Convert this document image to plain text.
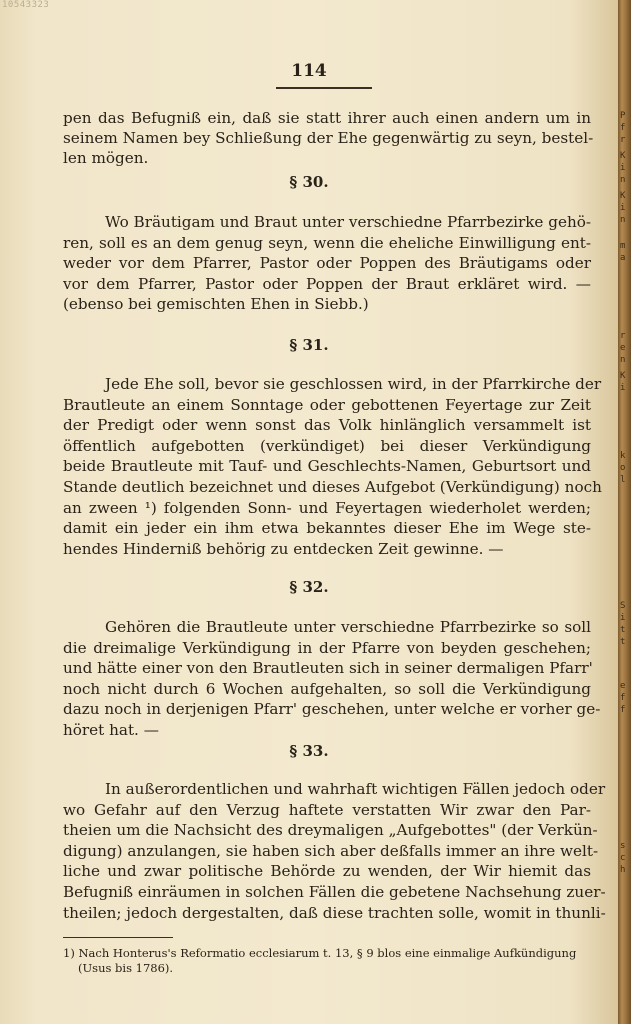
10543323
114
pen das Befugniß ein, daß sie statt ihrer auch einen andern um in
seinem Namen bey Schließung der Ehe gegenwärtig zu seyn, bestel-
len mögen.
§ 30.
Wo Bräutigam und Braut unter verschiedne Pfarrbezirke gehö-
ren, soll es an dem genug seyn, wenn die eheliche Einwilligung ent-
weder vor dem Pfarrer, Pastor oder Poppen des Bräutigams oder
vor dem Pfarrer, Pastor oder Poppen der Braut erkläret wird. —
(ebenso bei gemischten Ehen in Siebb.)
§ 31.
Jede Ehe soll, bevor sie geschlossen wird, in der Pfarrkirche der
Brautleute an einem Sonntage oder gebottenen Feyertage zur Zeit
der Predigt oder wenn sonst das Volk hinlänglich versammelt ist
öffentlich aufgebotten (verkündiget) bei dieser Verkündigung
beide Brautleute mit Tauf- und Geschlechts-Namen, Geburtsort und
Stande deutlich bezeichnet und dieses Aufgebot (Verkündigung) noch
an zween ¹) folgenden Sonn- und Feyertagen wiederholet werden;
damit ein jeder ein ihm etwa bekanntes dieser Ehe im Wege ste-
hendes Hinderniß behörig zu entdecken Zeit gewinne. —
§ 32.
Gehören die Brautleute unter verschiedne Pfarrbezirke so soll
die dreimalige Verkündigung in der Pfarre von beyden geschehen;
und hätte einer von den Brautleuten sich in seiner dermaligen Pfarr'
noch nicht durch 6 Wochen aufgehalten, so soll die Verkündigung
dazu noch in derjenigen Pfarr' geschehen, unter welche er vorher ge-
höret hat. —
§ 33.
In außerordentlichen und wahrhaft wichtigen Fällen jedoch oder
wo Gefahr auf den Verzug haftete verstatten Wir zwar den Par-
theien um die Nachsicht des dreymaligen „Aufgebottes" (der Verkün-
digung) anzulangen, sie haben sich aber deßfalls immer an ihre welt-
liche und zwar politische Behörde zu wenden, der Wir hiemit das
Befugniß einräumen in solchen Fällen die gebetene Nachsehung zuer-
theilen; jedoch dergestalten, daß diese trachten solle, womit in thunli-
1) Nach Honterus's Reformatio ecclesiarum t. 13, § 9 blos eine einmalige Aufkündigung
(Usus bis 1786).
Pfr
Kin
Kin
ma
ren
Ki
kol
Sitt
eff
sch
